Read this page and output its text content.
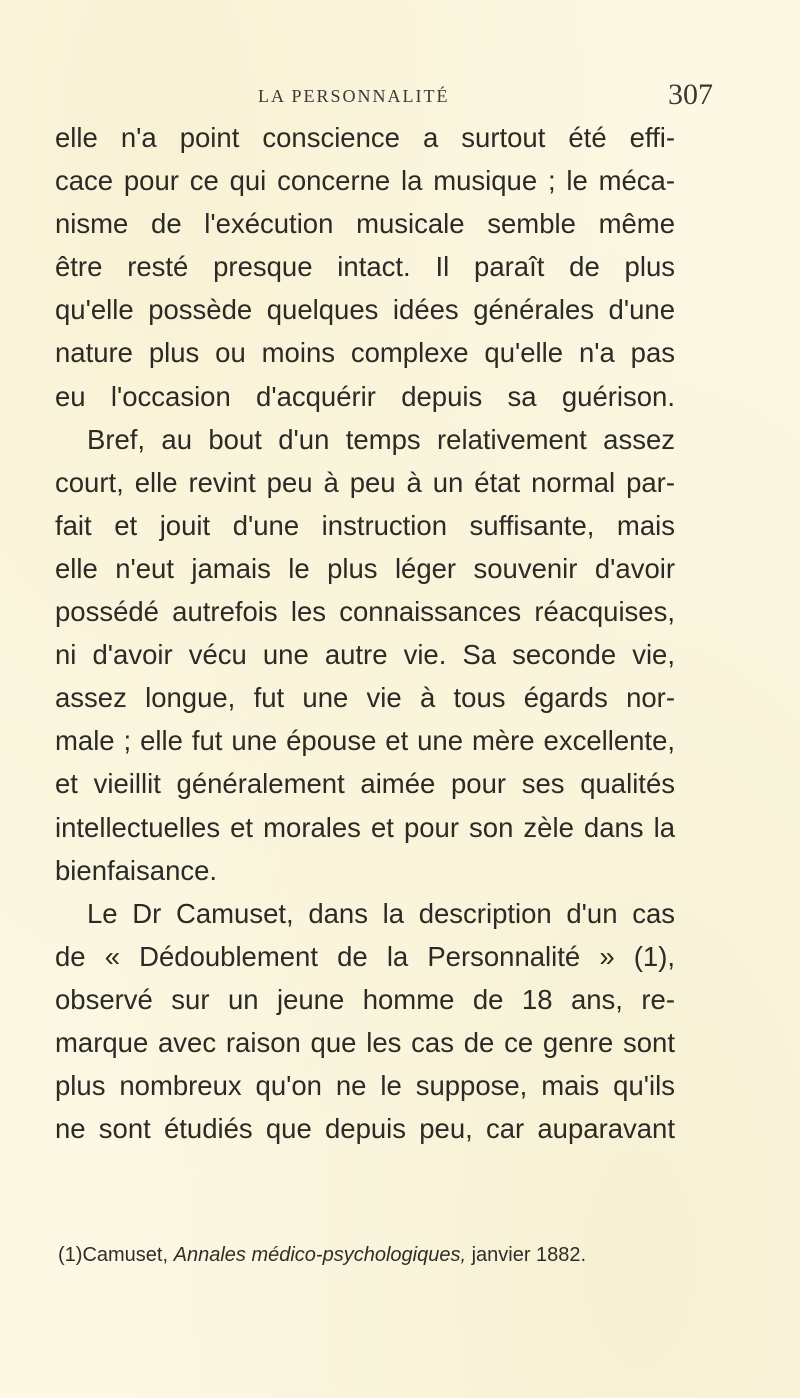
LA PERSONNALITÉ	307
elle n'a point conscience a surtout été effi-
cace pour ce qui concerne la musique ; le méca-
nisme de l'exécution musicale semble même
être resté presque intact. Il paraît de plus
qu'elle possède quelques idées générales d'une
nature plus ou moins complexe qu'elle n'a pas
eu l'occasion d'acquérir depuis sa guérison.
Bref, au bout d'un temps relativement assez
court, elle revint peu à peu à un état normal par-
fait et jouit d'une instruction suffisante, mais
elle n'eut jamais le plus léger souvenir d'avoir
possédé autrefois les connaissances réacquises,
ni d'avoir vécu une autre vie. Sa seconde vie,
assez longue, fut une vie à tous égards nor-
male ; elle fut une épouse et une mère excellente,
et vieillit généralement aimée pour ses qualités
intellectuelles et morales et pour son zèle dans la
bienfaisance.
Le Dr Camuset, dans la description d'un cas
de « Dédoublement de la Personnalité » (1),
observé sur un jeune homme de 18 ans, re-
marque avec raison que les cas de ce genre sont
plus nombreux qu'on ne le suppose, mais qu'ils
ne sont étudiés que depuis peu, car auparavant
(1)Camuset, Annales médico-psychologiques, janvier 1882.
